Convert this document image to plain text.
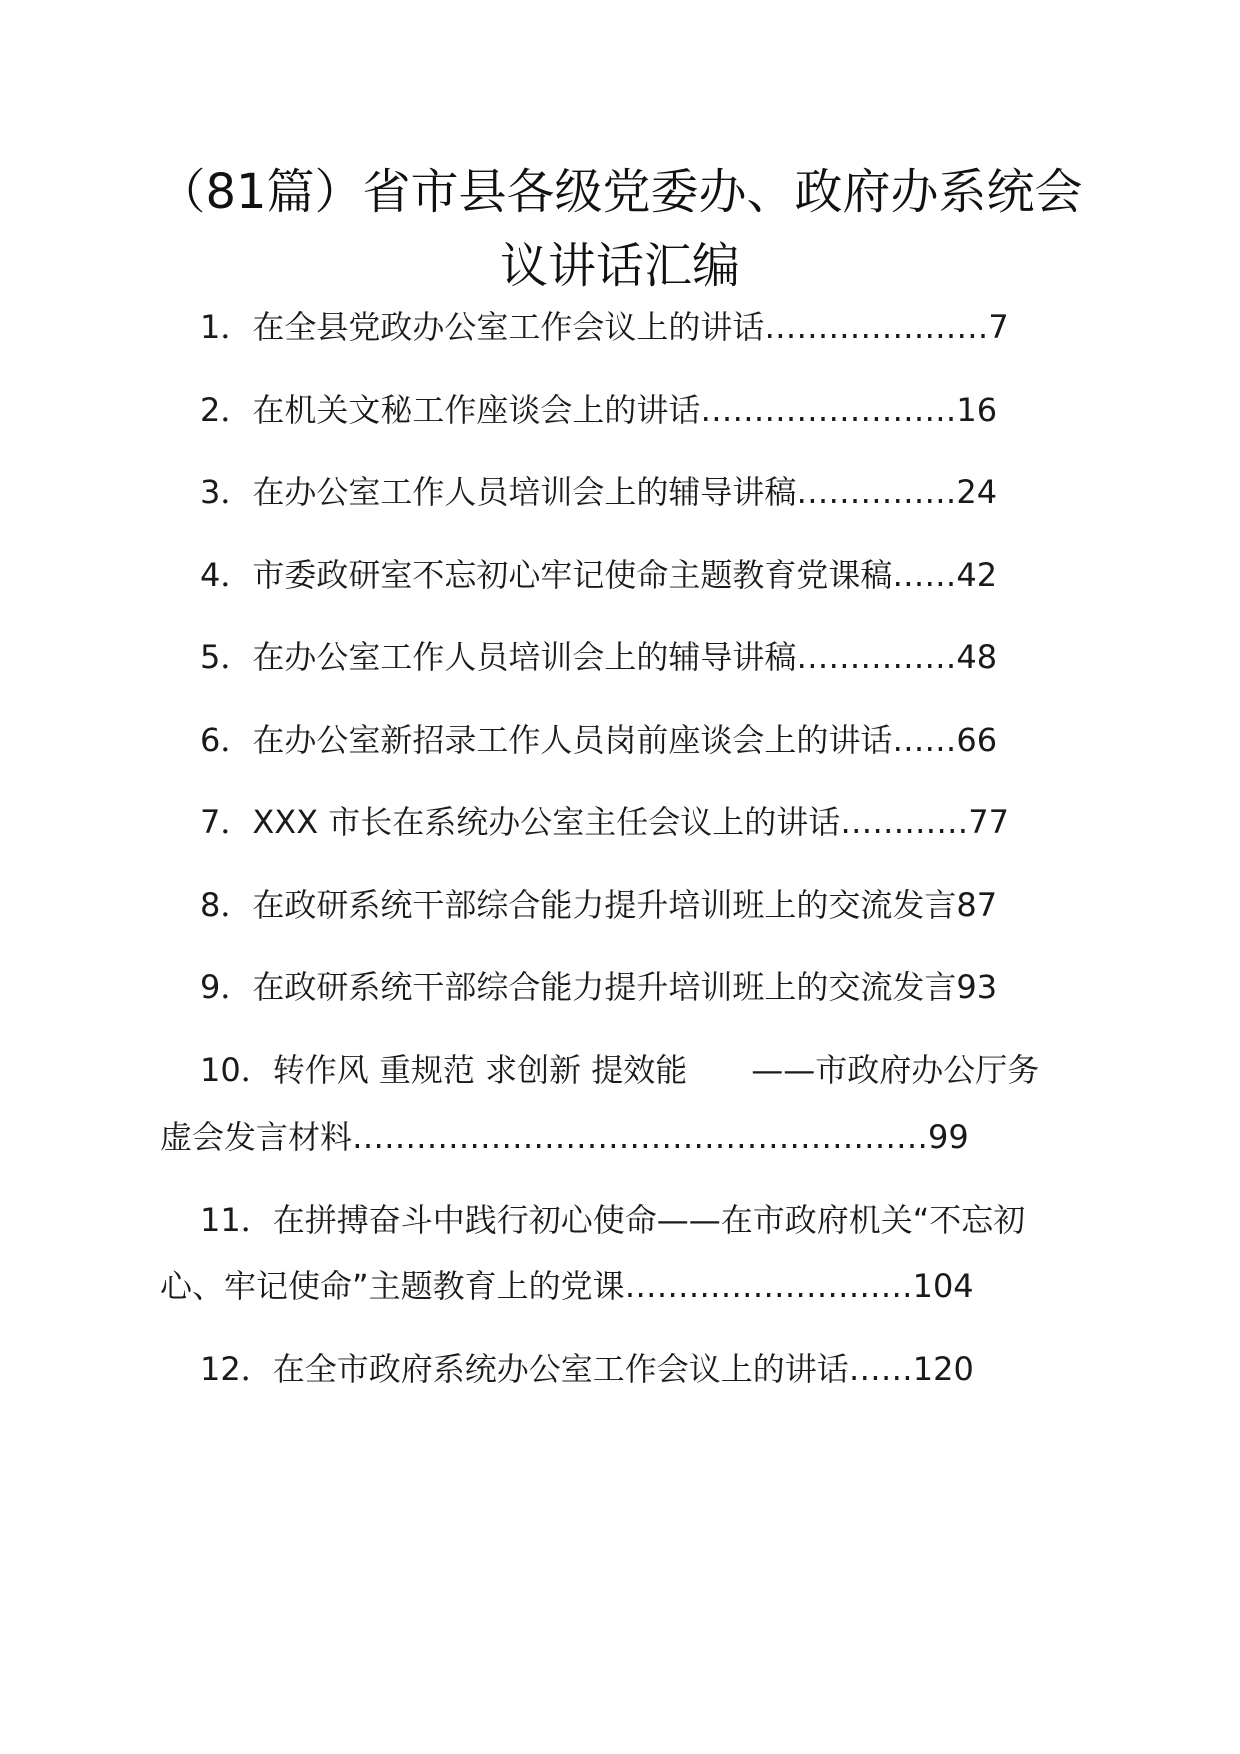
（81篇）省市县各级党委办、政府办系统会
议讲话汇编
1．在全县党政办公室工作会议上的讲话…………………7
2．在机关文秘工作座谈会上的讲话……………………16
3．在办公室工作人员培训会上的辅导讲稿……………24
4．市委政研室不忘初心牢记使命主题教育党课稿……42
5．在办公室工作人员培训会上的辅导讲稿……………48
6．在办公室新招录工作人员岗前座谈会上的讲话……66
7．XXX 市长在系统办公室主任会议上的讲话…………77
8．在政研系统干部综合能力提升培训班上的交流发言87
9．在政研系统干部综合能力提升培训班上的交流发言93
10．转作风 重规范 求创新 提效能　　——市政府办公厅务
虚会发言材料………………………………………………99
11．在拼搏奋斗中践行初心使命——在市政府机关“不忘初
心、牢记使命”主题教育上的党课………………………104
12．在全市政府系统办公室工作会议上的讲话……120
